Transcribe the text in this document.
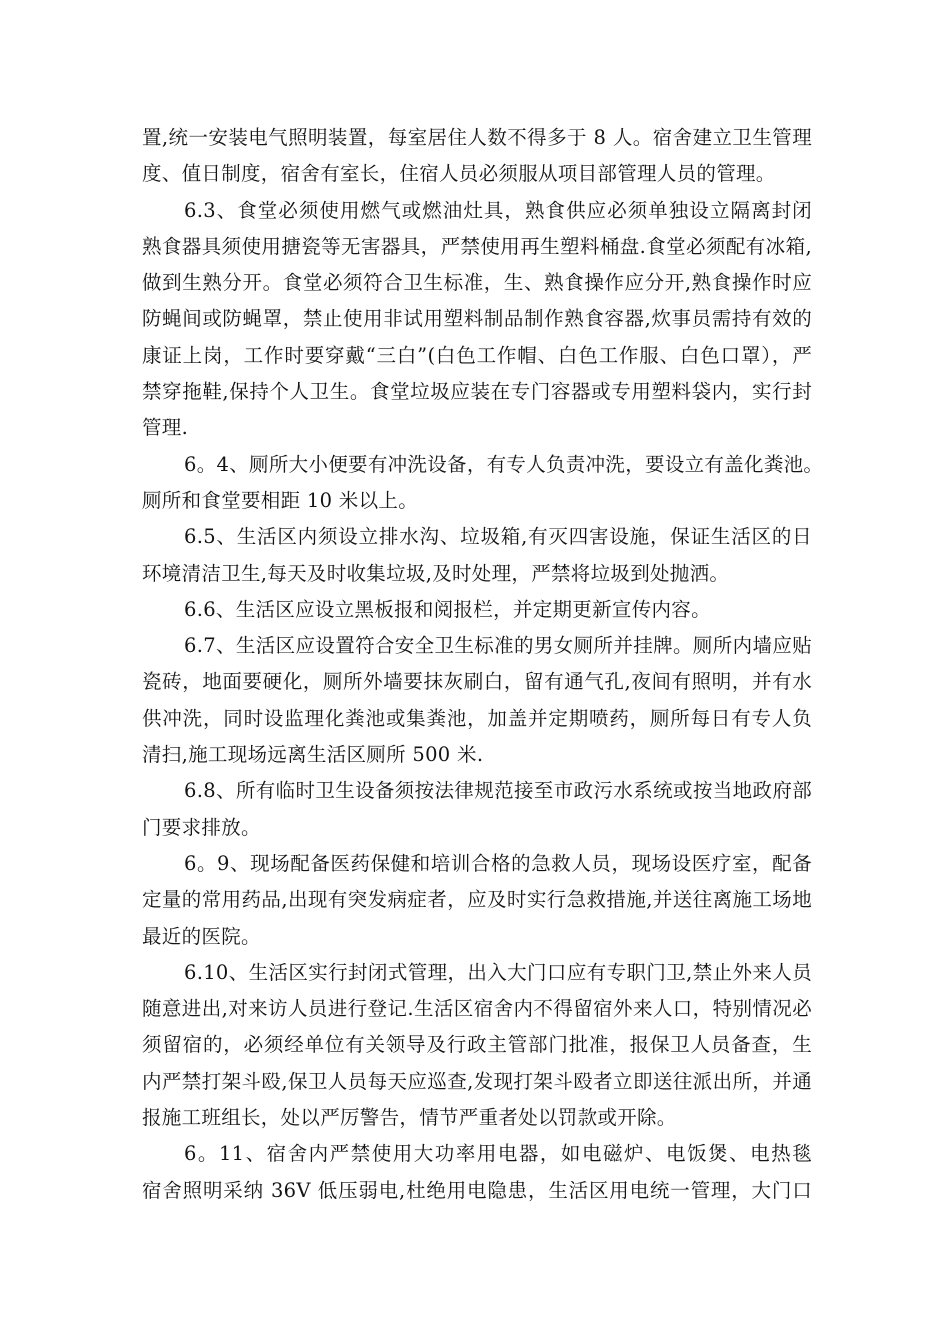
置,统一安装电气照明装置，每室居住人数不得多于 8 人。宿舍建立卫生管理
度、值日制度，宿舍有室长，住宿人员必须服从项目部管理人员的管理。
6.3、食堂必须使用燃气或燃油灶具，熟食供应必须单独设立隔离封闭
熟食器具须使用搪瓷等无害器具，严禁使用再生塑料桶盘.食堂必须配有冰箱,
做到生熟分开。食堂必须符合卫生标准，生、熟食操作应分开,熟食操作时应
防蝇间或防蝇罩，禁止使用非试用塑料制品制作熟食容器,炊事员需持有效的
康证上岗，工作时要穿戴“三白”(白色工作帽、白色工作服、白色口罩），严
禁穿拖鞋,保持个人卫生。食堂垃圾应装在专门容器或专用塑料袋内，实行封
管理.
6。4、厕所大小便要有冲洗设备，有专人负责冲洗，要设立有盖化粪池。
厕所和食堂要相距 10 米以上。
6.5、生活区内须设立排水沟、垃圾箱,有灭四害设施，保证生活区的日
环境清洁卫生,每天及时收集垃圾,及时处理，严禁将垃圾到处抛洒。
6.6、生活区应设立黑板报和阅报栏，并定期更新宣传内容。
6.7、生活区应设置符合安全卫生标准的男女厕所并挂牌。厕所内墙应贴
瓷砖，地面要硬化，厕所外墙要抹灰刷白，留有通气孔,夜间有照明，并有水
供冲洗，同时设监理化粪池或集粪池，加盖并定期喷药，厕所每日有专人负
清扫,施工现场远离生活区厕所 500 米.
6.8、所有临时卫生设备须按法律规范接至市政污水系统或按当地政府部
门要求排放。
6。9、现场配备医药保健和培训合格的急救人员，现场设医疗室，配备
定量的常用药品,出现有突发病症者，应及时实行急救措施,并送往离施工场地
最近的医院。
6.10、生活区实行封闭式管理，出入大门口应有专职门卫,禁止外来人员
随意进出,对来访人员进行登记.生活区宿舍内不得留宿外来人口，特别情况必
须留宿的，必须经单位有关领导及行政主管部门批准，报保卫人员备查，生
内严禁打架斗殴,保卫人员每天应巡查,发现打架斗殴者立即送往派出所，并通
报施工班组长，处以严厉警告，情节严重者处以罚款或开除。
6。11、宿舍内严禁使用大功率用电器，如电磁炉、电饭煲、电热毯
宿舍照明采纳 36V 低压弱电,杜绝用电隐患，生活区用电统一管理，大门口
